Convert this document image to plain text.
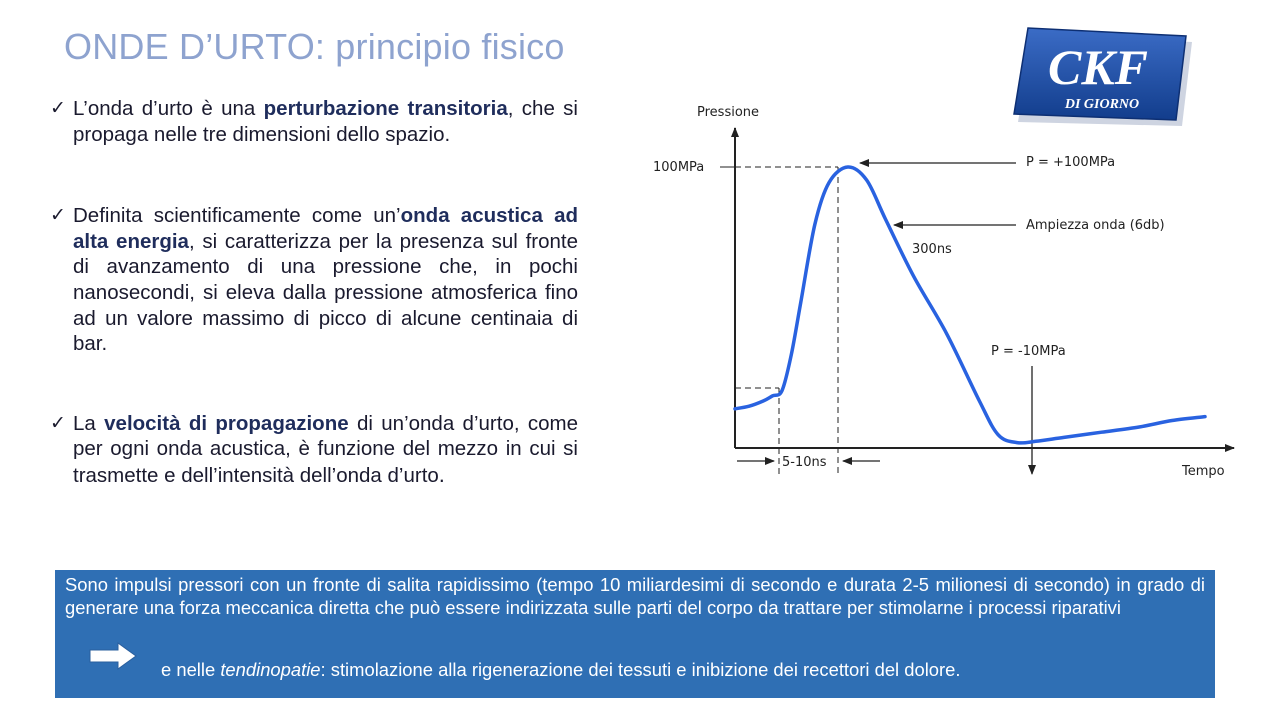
ONDE D’URTO: principio fisico	CKF
DI GIORNO
✓ L’onda d’urto è una perturbazione transitoria, che si propaga nelle tre dimensioni dello spazio.
✓ Definita scientificamente come un’onda acustica ad alta energia, si caratterizza per la presenza sul fronte di avanzamento di una pressione che, in pochi nanosecondi, si eleva dalla pressione atmosferica fino ad un valore massimo di picco di alcune centinaia di bar.
✓ La velocità di propagazione di un’onda d’urto, come per ogni onda acustica, è funzione del mezzo in cui si trasmette e dell’intensità dell’onda d’urto.
Pressione
Tempo
100MPa	P = +100MPa
Ampiezza onda (6db)
300ns
P = -10MPa
5-10ns
Sono impulsi pressori con un fronte di salita rapidissimo (tempo 10 miliardesimi di secondo e durata 2-5 milionesi di secondo) in grado di generare una forza meccanica diretta che può essere indirizzata sulle parti del corpo da trattare per stimolarne i processi riparativi
e nelle tendinopatie: stimolazione alla rigenerazione dei tessuti e inibizione dei recettori del dolore.
